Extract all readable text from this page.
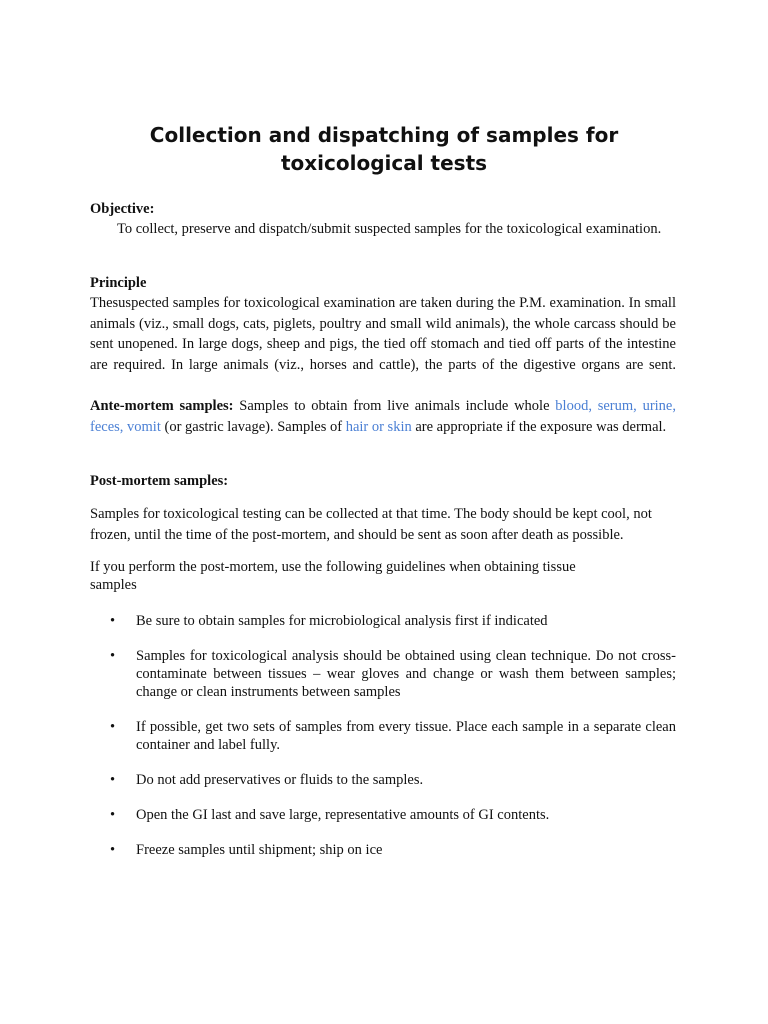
Collection and dispatching of samples for toxicological tests

Objective:

To collect, preserve and dispatch/submit suspected samples for the toxicological examination.

Principle

Thesuspected samples for toxicological examination are taken during the P.M. examination. In small animals (viz., small dogs, cats, piglets, poultry and small wild animals), the whole carcass should be sent unopened. In large dogs, sheep and pigs, the tied off stomach and tied off parts of the intestine are required. In large animals (viz., horses and cattle), the parts of the digestive organs are sent.

Ante-mortem samples: Samples to obtain from live animals include whole blood, serum, urine, feces, vomit (or gastric lavage). Samples of hair or skin are appropriate if the exposure was dermal.

Post-mortem samples:

Samples for toxicological testing can be collected at that time. The body should be kept cool, not frozen, until the time of the post-mortem, and should be sent as soon after death as possible.

If you perform the post-mortem, use the following guidelines when obtaining tissue samples

• Be sure to obtain samples for microbiological analysis first if indicated
• Samples for toxicological analysis should be obtained using clean technique. Do not cross-contaminate between tissues – wear gloves and change or wash them between samples; change or clean instruments between samples
• If possible, get two sets of samples from every tissue. Place each sample in a separate clean container and label fully.
• Do not add preservatives or fluids to the samples.
• Open the GI last and save large, representative amounts of GI contents.
• Freeze samples until shipment; ship on ice
